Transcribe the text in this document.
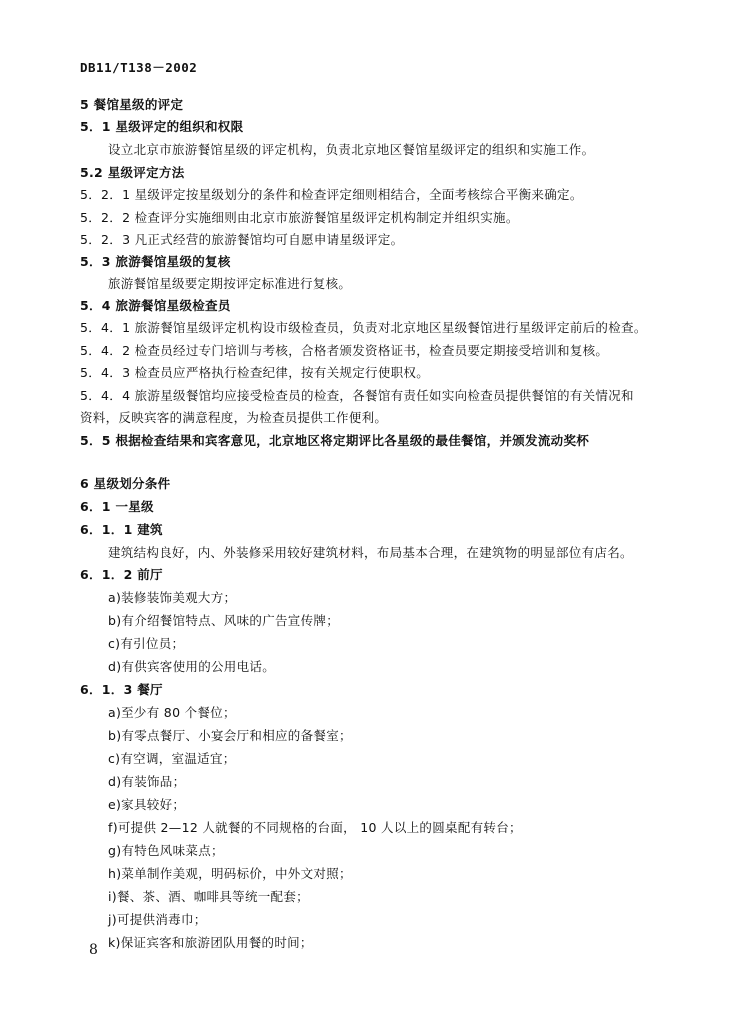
DB11/T138－2002
5 餐馆星级的评定
5．1 星级评定的组织和权限
设立北京市旅游餐馆星级的评定机构，负责北京地区餐馆星级评定的组织和实施工作。
5.2 星级评定方法
5．2．1 星级评定按星级划分的条件和检查评定细则相结合，全面考核综合平衡来确定。
5．2．2 检查评分实施细则由北京市旅游餐馆星级评定机构制定并组织实施。
5．2．3 凡正式经营的旅游餐馆均可自愿申请星级评定。
5．3 旅游餐馆星级的复核
旅游餐馆星级要定期按评定标准进行复核。
5．4 旅游餐馆星级检查员
5．4．1 旅游餐馆星级评定机构设市级检查员，负责对北京地区星级餐馆进行星级评定前后的检查。
5．4．2 检查员经过专门培训与考核，合格者颁发资格证书，检查员要定期接受培训和复核。
5．4．3 检查员应严格执行检查纪律，按有关规定行使职权。
5．4．4 旅游星级餐馆均应接受检查员的检查，各餐馆有责任如实向检查员提供餐馆的有关情况和
资料，反映宾客的满意程度，为检查员提供工作便利。
5．5 根据检查结果和宾客意见，北京地区将定期评比各星级的最佳餐馆，并颁发流动奖杯
6 星级划分条件
6．1 一星级
6．1．1 建筑
建筑结构良好，内、外装修采用较好建筑材料，布局基本合理，在建筑物的明显部位有店名。
6．1．2 前厅
a)装修装饰美观大方；
b)有介绍餐馆特点、风味的广告宣传牌；
c)有引位员；
d)有供宾客使用的公用电话。
6．1．3 餐厅
a)至少有 80 个餐位；
b)有零点餐厅、小宴会厅和相应的备餐室；
c)有空调，室温适宜；
d)有装饰品；
e)家具较好；
f)可提供 2—12 人就餐的不同规格的台面， 10 人以上的圆桌配有转台；
g)有特色风味菜点；
h)菜单制作美观，明码标价，中外文对照；
i)餐、茶、酒、咖啡具等统一配套；
j)可提供消毒巾；
k)保证宾客和旅游团队用餐的时间；
8
